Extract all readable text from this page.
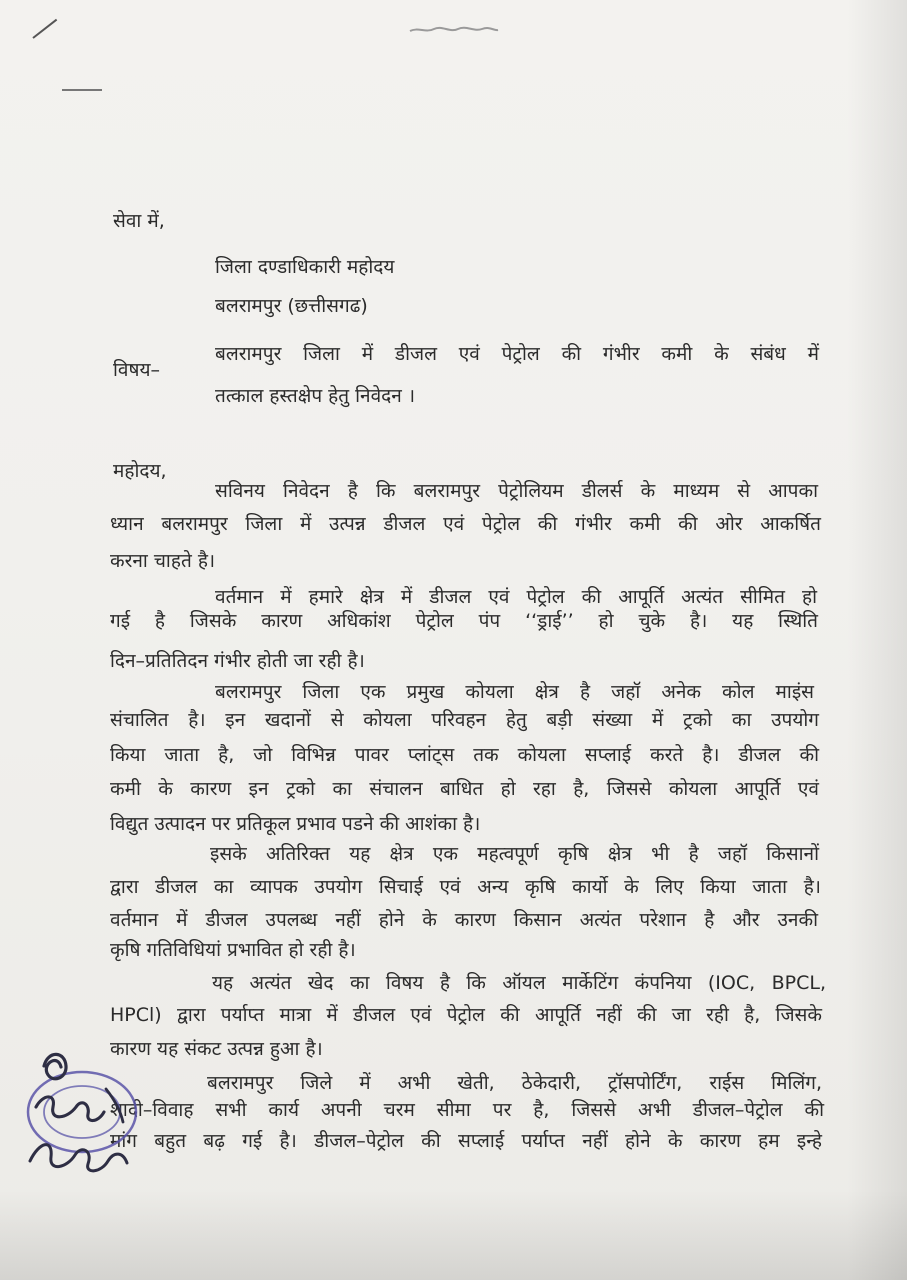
सेवा में,

जिला दण्डाधिकारी महोदय

बलरामपुर (छत्तीसगढ)

विषय–

बलरामपुर जिला में डीजल एवं पेट्रोल की गंभीर कमी के संबंध में

तत्काल हस्तक्षेप हेतु निवेदन ।

महोदय,

सविनय निवेदन है कि बलरामपुर पेट्रोलियम डीलर्स के माध्यम से आपका

ध्यान बलरामपुर जिला में उत्पन्न डीजल एवं पेट्रोल की गंभीर कमी की ओर आकर्षित

करना चाहते है।

वर्तमान में हमारे क्षेत्र में डीजल एवं पेट्रोल की आपूर्ति अत्यंत सीमित हो

गई है जिसके कारण अधिकांश पेट्रोल पंप ‘‘ड्राई’’ हो चुके है। यह स्थिति

दिन–प्रतितिदन गंभीर होती जा रही है।

बलरामपुर जिला एक प्रमुख कोयला क्षेत्र है जहॉ अनेक कोल माइंस

संचालित है। इन खदानों से कोयला परिवहन हेतु बड़ी संख्या में ट्रको का उपयोग

किया जाता है, जो विभिन्न पावर प्लांट्स तक कोयला सप्लाई करते है। डीजल की

कमी के कारण इन ट्रको का संचालन बाधित हो रहा है, जिससे कोयला आपूर्ति एवं

विद्युत उत्पादन पर प्रतिकूल प्रभाव पडने की आशंका है।

इसके अतिरिक्त यह क्षेत्र एक महत्वपूर्ण कृषि क्षेत्र भी है जहॉ किसानों

द्वारा डीजल का व्यापक उपयोग सिचाई एवं अन्य कृषि कार्यो के लिए किया जाता है।

वर्तमान में डीजल उपलब्ध नहीं होने के कारण किसान अत्यंत परेशान है और उनकी

कृषि गतिविधियां प्रभावित हो रही है।

यह अत्यंत खेद का विषय है कि ऑयल मार्केटिंग कंपनिया (IOC, BPCL,

HPCl) द्वारा पर्याप्त मात्रा में डीजल एवं पेट्रोल की आपूर्ति नहीं की जा रही है, जिसके

कारण यह संकट उत्पन्न हुआ है।

बलरामपुर जिले में अभी खेती, ठेकेदारी, ट्रॉसपोर्टिंग, राईस मिलिंग,

शादी–विवाह सभी कार्य अपनी चरम सीमा पर है, जिससे अभी डीजल–पेट्रोल की

मांग बहुत बढ़ गई है। डीजल–पेट्रोल की सप्लाई पर्याप्त नहीं होने के कारण हम इन्हे
